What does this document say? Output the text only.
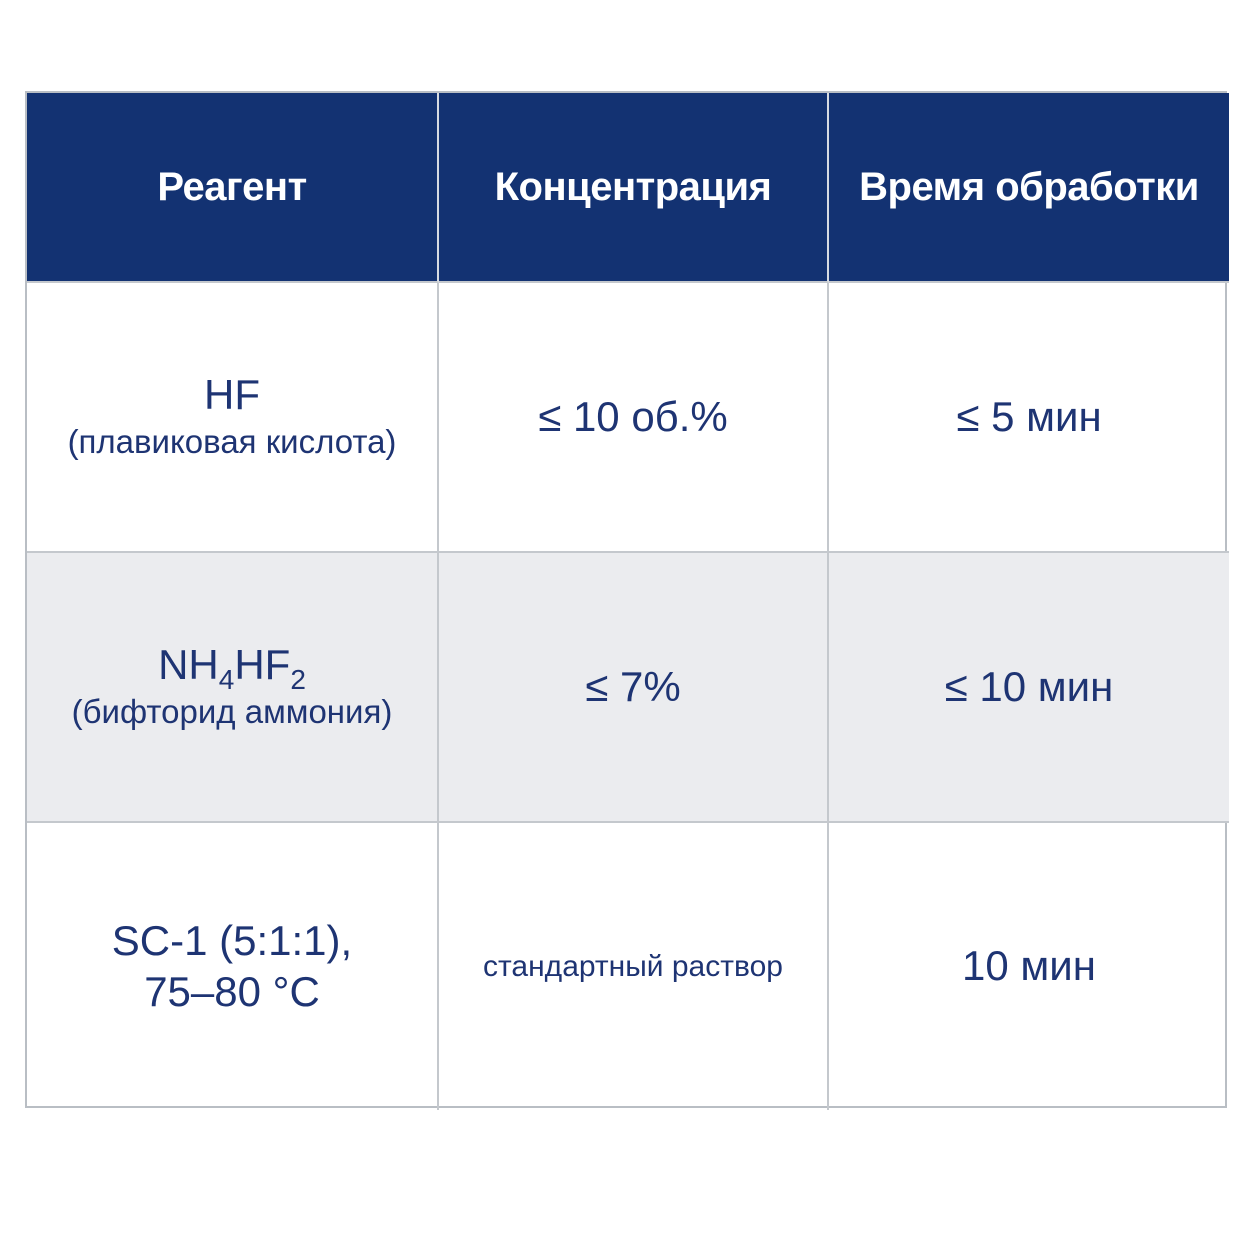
Реагент	Концентрация	Время обработки
HF
(плавиковая кислота)
≤ 10 об.%	≤ 5 мин
$NH_4HF_2$
(бифторид аммония)
≤ 7%	≤ 10 мин
SC-1 (5:1:1),
75–80 °C
стандартный раствор	10 мин
